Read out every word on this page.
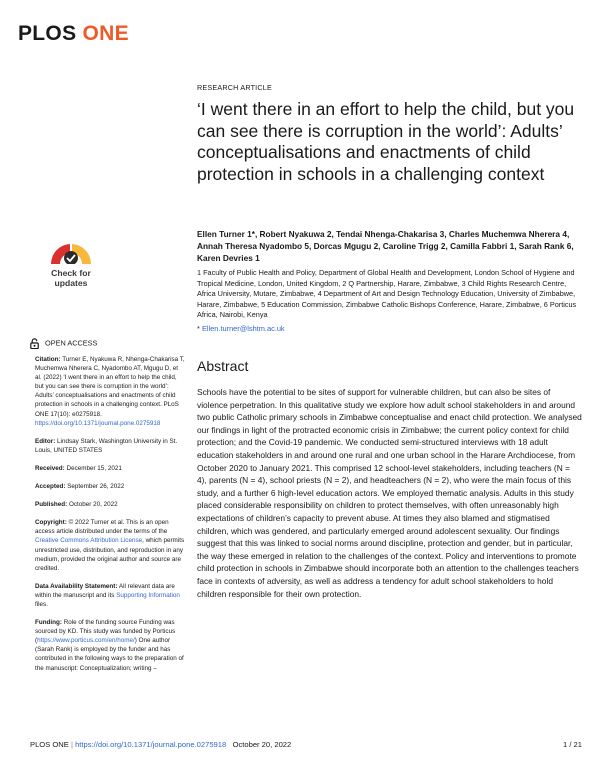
PLOS ONE
RESEARCH ARTICLE
‘I went there in an effort to help the child, but you can see there is corruption in the world’: Adults’ conceptualisations and enactments of child protection in schools in a challenging context

Ellen Turner 1*, Robert Nyakuwa 2, Tendai Nhenga-Chakarisa 3, Charles Muchemwa Nherera 4, Annah Theresa Nyadombo 5, Dorcas Mgugu 2, Caroline Trigg 2, Camilla Fabbri 1, Sarah Rank 6, Karen Devries 1

1 Faculty of Public Health and Policy, Department of Global Health and Development, London School of Hygiene and Tropical Medicine, London, United Kingdom, 2 Q Partnership, Harare, Zimbabwe, 3 Child Rights Research Centre, Africa University, Mutare, Zimbabwe, 4 Department of Art and Design Technology Education, University of Zimbabwe, Harare, Zimbabwe, 5 Education Commission, Zimbabwe Catholic Bishops Conference, Harare, Zimbabwe, 6 Porticus Africa, Nairobi, Kenya

* Ellen.turner@lshtm.ac.uk
Check for
updates
OPEN ACCESS

Citation: Turner E, Nyakuwa R, Nhenga-Chakarisa T, Muchemwa Nherera C, Nyadombo AT, Mgugu D, et al. (2022) ‘I went there in an effort to help the child, but you can see there is corruption in the world’: Adults’ conceptualisations and enactments of child protection in schools in a challenging context. PLoS ONE 17(10): e0275918. https://doi.org/10.1371/journal.pone.0275918

Editor: Lindsay Stark, Washington University in St. Louis, UNITED STATES

Received: December 15, 2021

Accepted: September 26, 2022

Published: October 20, 2022

Copyright: © 2022 Turner et al. This is an open access article distributed under the terms of the Creative Commons Attribution License, which permits unrestricted use, distribution, and reproduction in any medium, provided the original author and source are credited.

Data Availability Statement: All relevant data are within the manuscript and its Supporting Information files.

Funding: Role of the funding source Funding was sourced by KD. This study was funded by Porticus (https://www.porticus.com/en/home/) One author (Sarah Rank) is employed by the funder and has contributed in the following ways to the preparation of the manuscript: Conceptualization; writing –

Abstract

Schools have the potential to be sites of support for vulnerable children, but can also be sites of violence perpetration. In this qualitative study we explore how adult school stakeholders in and around two public Catholic primary schools in Zimbabwe conceptualise and enact child protection. We analysed our findings in light of the protracted economic crisis in Zimbabwe; the current policy context for child protection; and the Covid-19 pandemic. We conducted semi-structured interviews with 18 adult education stakeholders in and around one rural and one urban school in the Harare Archdiocese, from October 2020 to January 2021. This comprised 12 school-level stakeholders, including teachers (N = 4), parents (N = 4), school priests (N = 2), and headteachers (N = 2), who were the main focus of this study, and a further 6 high-level education actors. We employed thematic analysis. Adults in this study placed considerable responsibility on children to protect themselves, with often unreasonably high expectations of children’s capacity to prevent abuse. At times they also blamed and stigmatised children, which was gendered, and particularly emerged around adolescent sexuality. Our findings suggest that this was linked to social norms around discipline, protection and gender, but in particular, the way these emerged in relation to the challenges of the context. Policy and interventions to promote child protection in schools in Zimbabwe should incorporate both an attention to the challenges teachers face in contexts of adversity, as well as address a tendency for adult school stakeholders to hold children responsible for their own protection.

PLOS ONE | https://doi.org/10.1371/journal.pone.0275918 October 20, 2022	1 / 21
